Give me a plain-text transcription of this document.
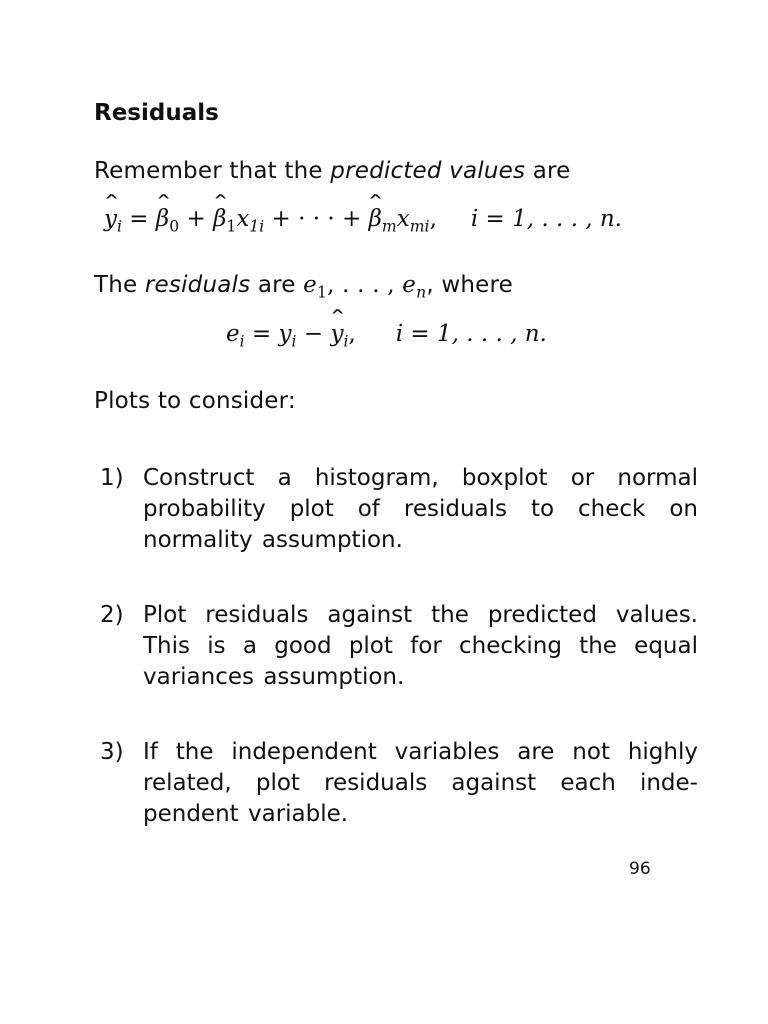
Residuals
Remember that the predicted values are
ˆ $y_i$ = ˆ $\beta_0$ + ˆ $\beta_1x_{1i}$ + · · · + ˆ $\beta_mx_{mi}$, i = 1, . . . , n.
The residuals are $e_1$, . . . , $e_n$, where
$e_i = y_i$ − ˆ $y_i$, i = 1, . . . , n.
Plots to consider:
1) Construct a histogram, boxplot or normal probability plot of residuals to check on normality assumption.
2) Plot residuals against the predicted values. This is a good plot for checking the equal variances assumption.
3) If the independent variables are not highly related, plot residuals against each inde-pendent variable.
96
